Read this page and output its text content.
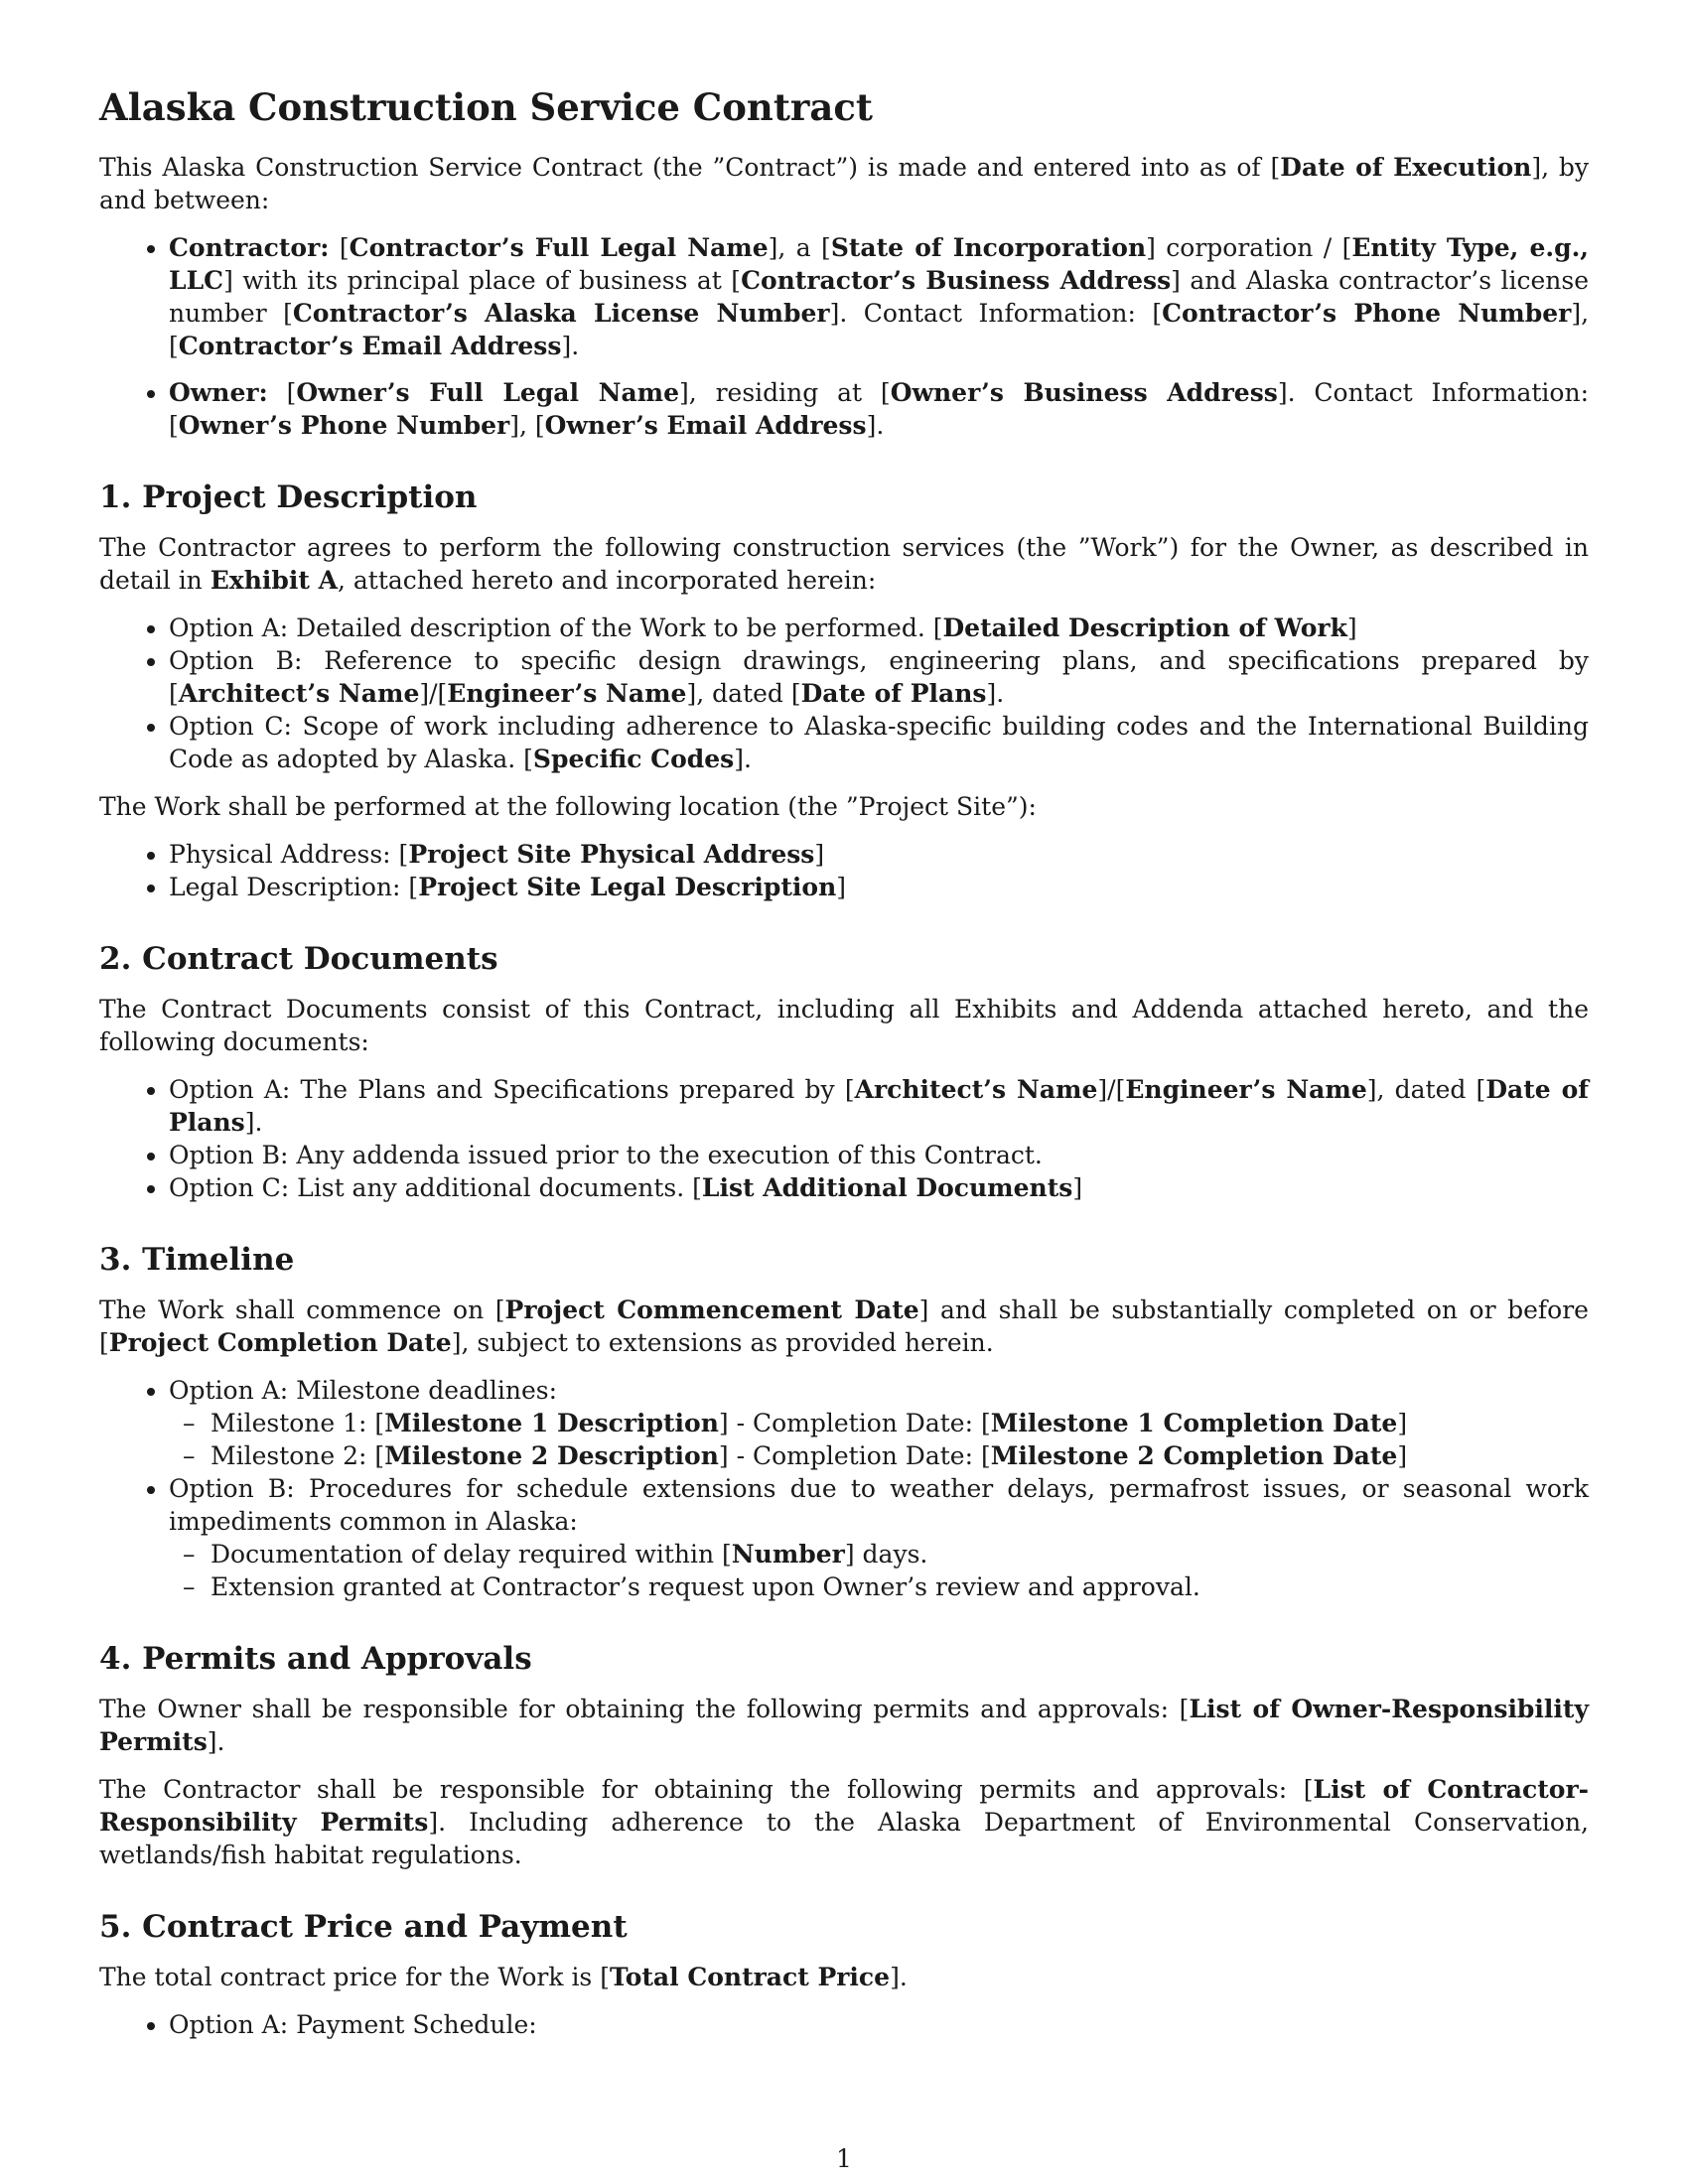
Alaska Construction Service Contract

This Alaska Construction Service Contract (the ”Contract”) is made and entered into as of [Date of Execution], by and between:

• Contractor: [Contractor’s Full Legal Name], a [State of Incorporation] corporation / [Entity Type, e.g., LLC] with its principal place of business at [Contractor’s Business Address] and Alaska contractor’s license number [Contractor’s Alaska License Number]. Contact Information: [Contractor’s Phone Number], [Contractor’s Email Address].
• Owner: [Owner’s Full Legal Name], residing at [Owner’s Business Address]. Contact Information: [Owner’s Phone Number], [Owner’s Email Address].
1. Project Description

The Contractor agrees to perform the following construction services (the ”Work”) for the Owner, as described in detail in Exhibit A, attached hereto and incorporated herein:

• Option A: Detailed description of the Work to be performed. [Detailed Description of Work]
• Option B: Reference to specific design drawings, engineering plans, and specifications prepared by [Architect’s Name]/[Engineer’s Name], dated [Date of Plans].
• Option C: Scope of work including adherence to Alaska-specific building codes and the International Building Code as adopted by Alaska. [Specific Codes].

The Work shall be performed at the following location (the ”Project Site”):

• Physical Address: [Project Site Physical Address]
• Legal Description: [Project Site Legal Description]
2. Contract Documents

The Contract Documents consist of this Contract, including all Exhibits and Addenda attached hereto, and the following documents:

• Option A: The Plans and Specifications prepared by [Architect’s Name]/[Engineer’s Name], dated [Date of Plans].
• Option B: Any addenda issued prior to the execution of this Contract.
• Option C: List any additional documents. [List Additional Documents]
3. Timeline

The Work shall commence on [Project Commencement Date] and shall be substantially completed on or before [Project Completion Date], subject to extensions as provided herein.

• Option A: Milestone deadlines:
– Milestone 1: [Milestone 1 Description] - Completion Date: [Milestone 1 Completion Date]
– Milestone 2: [Milestone 2 Description] - Completion Date: [Milestone 2 Completion Date]
• Option B: Procedures for schedule extensions due to weather delays, permafrost issues, or seasonal work impediments common in Alaska:
– Documentation of delay required within [Number] days.
– Extension granted at Contractor’s request upon Owner’s review and approval.
4. Permits and Approvals

The Owner shall be responsible for obtaining the following permits and approvals: [List of Owner-Responsibility Permits].

The Contractor shall be responsible for obtaining the following permits and approvals: [List of Contractor-Responsibility Permits]. Including adherence to the Alaska Department of Environmental Conservation, wetlands/fish habitat regulations.

5. Contract Price and Payment

The total contract price for the Work is [Total Contract Price].

• Option A: Payment Schedule:
1
